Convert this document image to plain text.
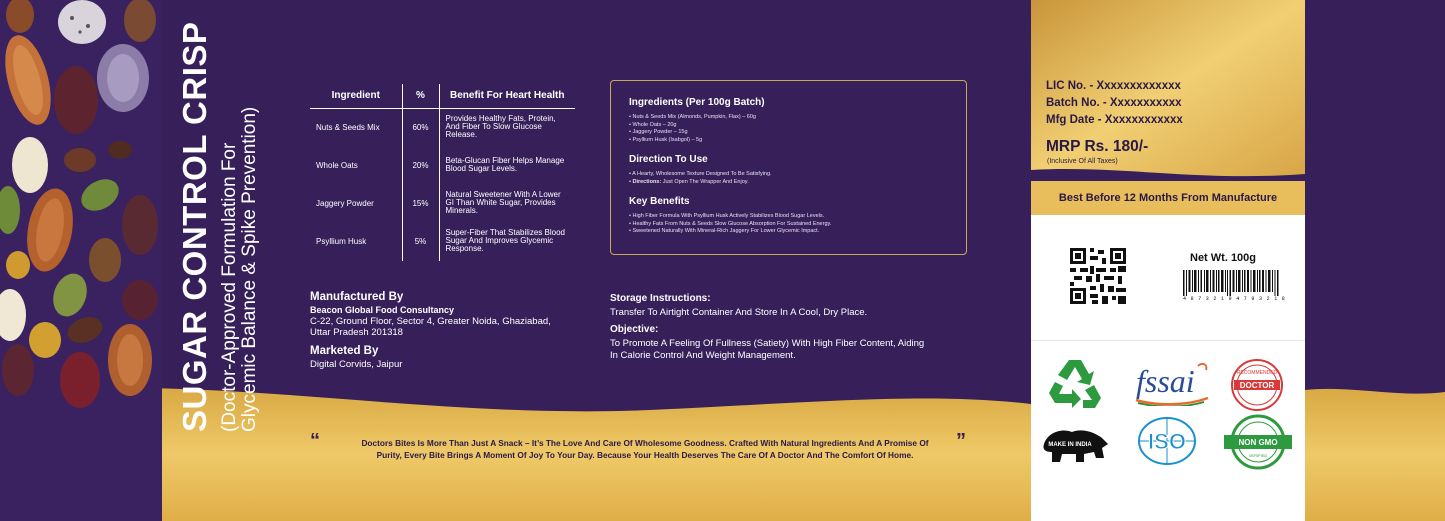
SUGAR CONTROL CRISP (Doctor-Approved Formulation For Glycemic Balance & Spike Prevention)
Ingredient	%	Benefit For Heart Health
Nuts & Seeds Mix	60%	Provides Healthy Fats, Protein, And Fiber To Slow Glucose Release.
Whole Oats	20%	Beta-Glucan Fiber Helps Manage Blood Sugar Levels.
Jaggery Powder	15%	Natural Sweetener With A Lower GI Than White Sugar, Provides Minerals.
Psyllium Husk	5%	Super-Fiber That Stabilizes Blood Sugar And Improves Glycemic Response.
Ingredients (Per 100g Batch)
• Nuts & Seeds Mix (Almonds, Pumpkin, Flax) – 60g
• Whole Oats – 20g
• Jaggery Powder – 15g
• Psyllium Husk (Isabgol) – 5g
Direction To Use
• A Hearty, Wholesome Texture Designed To Be Satisfying.
• Directions: Just Open The Wrapper And Enjoy.
Key Benefits
• High Fiber Formula With Psyllium Husk Actively Stabilizes Blood Sugar Levels.
• Healthy Fats From Nuts & Seeds Slow Glucose Absorption For Sustained Energy.
• Sweetened Naturally With Mineral-Rich Jaggery For Lower Glycemic Impact.
Manufactured By
Beacon Global Food Consultancy
C-22, Ground Floor, Sector 4, Greater Noida, Ghaziabad,
Uttar Pradesh 201318
Marketed By
Digital Corvids, Jaipur
Storage Instructions:
Transfer To Airtight Container And Store In A Cool, Dry Place.
Objective:
To Promote A Feeling Of Fullness (Satiety) With High Fiber Content, Aiding
In Calorie Control And Weight Management.
“	Doctors Bites Is More Than Just A Snack – It’s The Love And Care Of Wholesome Goodness. Crafted With Natural Ingredients And A Promise Of
Purity, Every Bite Brings A Moment Of Joy To Your Day. Because Your Health Deserves The Care Of A Doctor And The Comfort Of Home.
”
LIC No. - Xxxxxxxxxxxxx
Batch No. - Xxxxxxxxxxx
Mfg Date - Xxxxxxxxxxxx
MRP Rs. 180/-
(Inclusive Of All Taxes)
Best Before 12 Months From Manufacture
Net Wt. 100g
4 8 7 3 2 1 9 4 7 9 3 2 1 8
fssai	RECOMMENDED
DOCTOR
MAKE IN INDIA	ISO	NON GMO
VERIFIED
